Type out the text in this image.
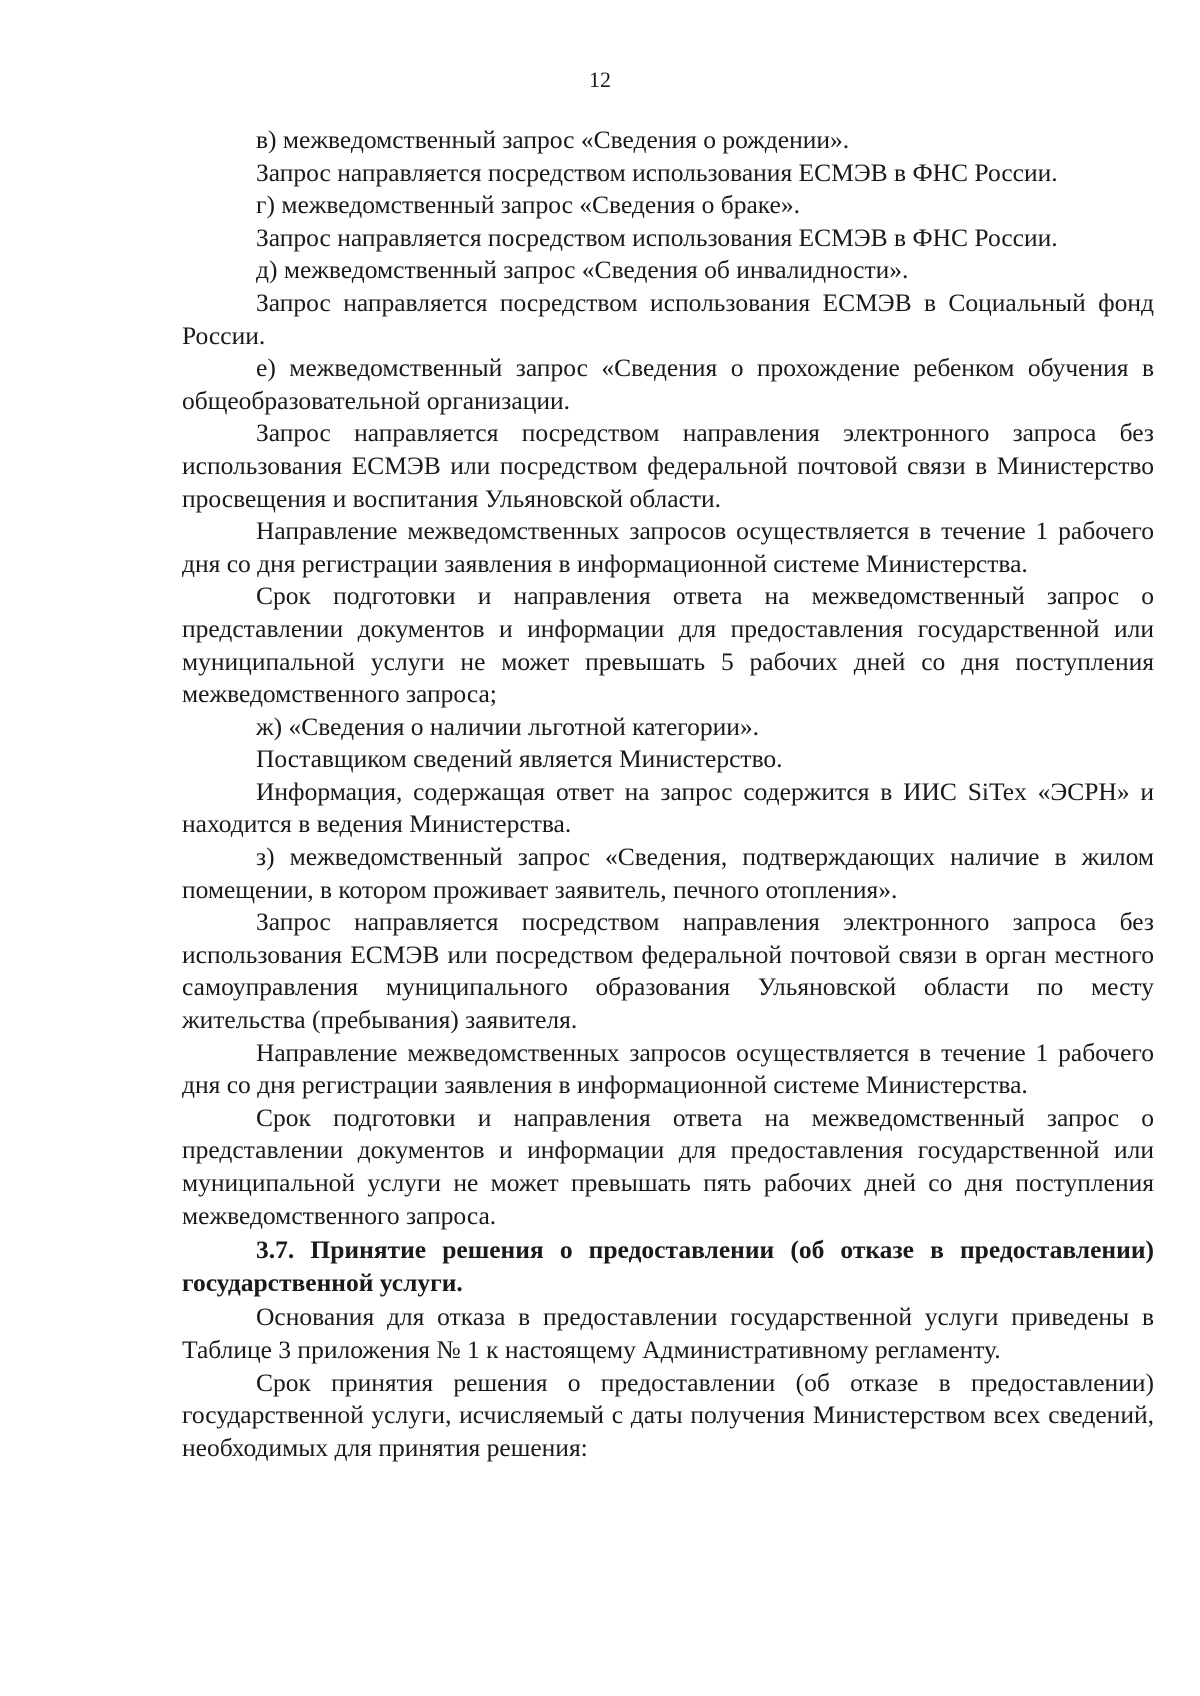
12

в) межведомственный запрос «Сведения о рождении».

Запрос направляется посредством использования ЕСМЭВ в ФНС России.

г) межведомственный запрос «Сведения о браке».

Запрос направляется посредством использования ЕСМЭВ в ФНС России.

д) межведомственный запрос «Сведения об инвалидности».

Запрос направляется посредством использования ЕСМЭВ в Социальный фонд России.

е) межведомственный запрос «Сведения о прохождение ребенком обучения в общеобразовательной организации.

Запрос направляется посредством направления электронного запроса без использования ЕСМЭВ или посредством федеральной почтовой связи в Министерство просвещения и воспитания Ульяновской области.

Направление межведомственных запросов осуществляется в течение 1 рабочего дня со дня регистрации заявления в информационной системе Министерства.

Срок подготовки и направления ответа на межведомственный запрос о представлении документов и информации для предоставления государственной или муниципальной услуги не может превышать 5 рабочих дней со дня поступления межведомственного запроса;

ж) «Сведения о наличии льготной категории».

Поставщиком сведений является Министерство.

Информация, содержащая ответ на запрос содержится в ИИС SiTex «ЭСРН» и находится в ведения Министерства.

з) межведомственный запрос «Сведения, подтверждающих наличие в жилом помещении, в котором проживает заявитель, печного отопления».

Запрос направляется посредством направления электронного запроса без использования ЕСМЭВ или посредством федеральной почтовой связи в орган местного самоуправления муниципального образования Ульяновской области по месту жительства (пребывания) заявителя.

Направление межведомственных запросов осуществляется в течение 1 рабочего дня со дня регистрации заявления в информационной системе Министерства.

Срок подготовки и направления ответа на межведомственный запрос о представлении документов и информации для предоставления государственной или муниципальной услуги не может превышать пять рабочих дней со дня поступления межведомственного запроса.

3.7. Принятие решения о предоставлении (об отказе в предоставлении) государственной услуги.

Основания для отказа в предоставлении государственной услуги приведены в Таблице 3 приложения № 1 к настоящему Административному регламенту.

Срок принятия решения о предоставлении (об отказе в предоставлении) государственной услуги, исчисляемый с даты получения Министерством всех сведений, необходимых для принятия решения:
